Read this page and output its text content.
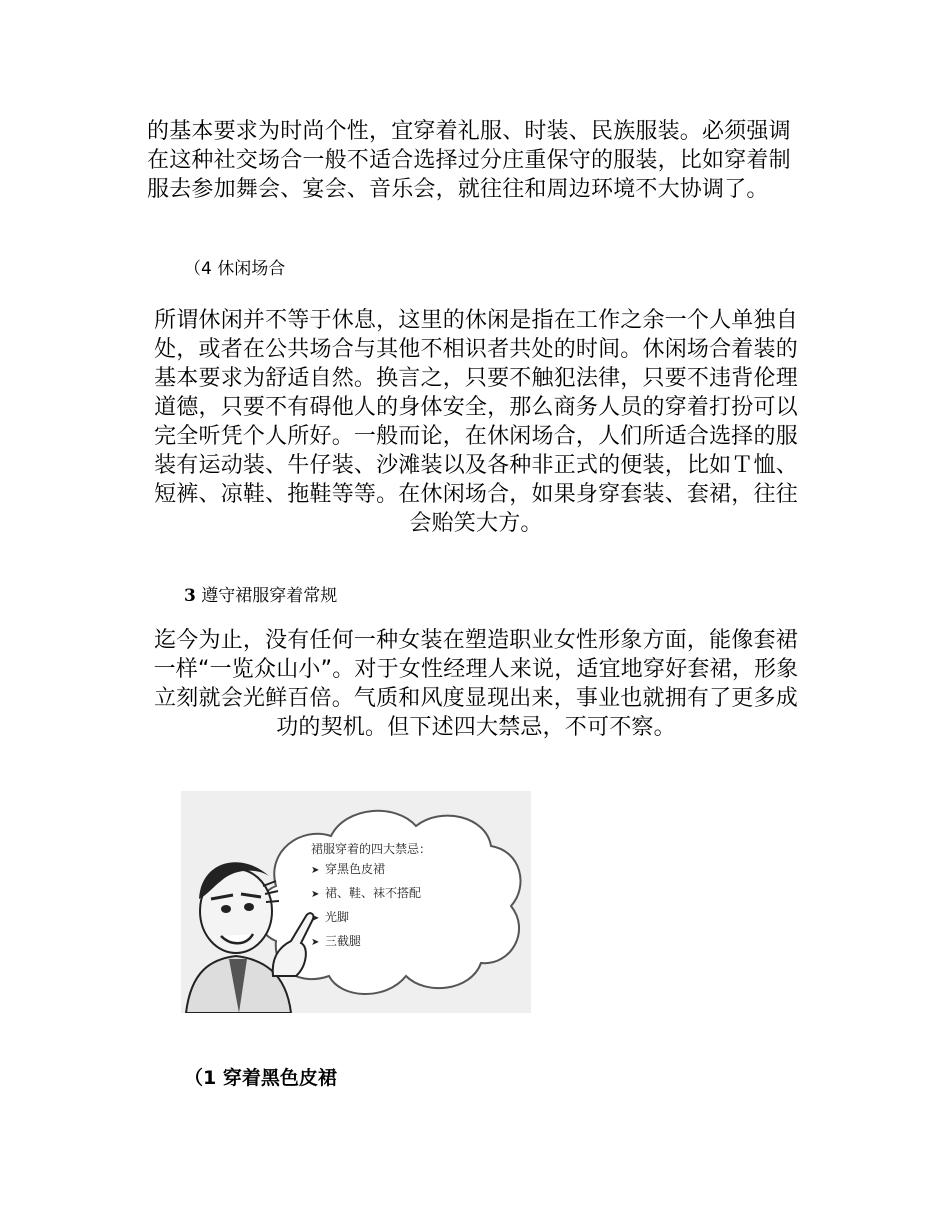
的基本要求为时尚个性，宜穿着礼服、时装、民族服装。必须强调在这种社交场合一般不适合选择过分庄重保守的服装，比如穿着制服去参加舞会、宴会、音乐会，就往往和周边环境不大协调了。

（4 休闲场合

所谓休闲并不等于休息，这里的休闲是指在工作之余一个人单独自处，或者在公共场合与其他不相识者共处的时间。休闲场合着装的基本要求为舒适自然。换言之，只要不触犯法律，只要不违背伦理道德，只要不有碍他人的身体安全，那么商务人员的穿着打扮可以完全听凭个人所好。一般而论，在休闲场合，人们所适合选择的服装有运动装、牛仔装、沙滩装以及各种非正式的便装，比如Ｔ恤、短裤、凉鞋、拖鞋等等。在休闲场合，如果身穿套装、套裙，往往会贻笑大方。

3 遵守裙服穿着常规

迄今为止，没有任何一种女装在塑造职业女性形象方面，能像套裙一样“一览众山小”。对于女性经理人来说，适宜地穿好套裙，形象立刻就会光鲜百倍。气质和风度显现出来，事业也就拥有了更多成功的契机。但下述四大禁忌，不可不察。

裙服穿着的四大禁忌：
➤ 穿黑色皮裙
➤ 裙、鞋、袜不搭配
➤ 光脚
➤ 三截腿

（1 穿着黑色皮裙
